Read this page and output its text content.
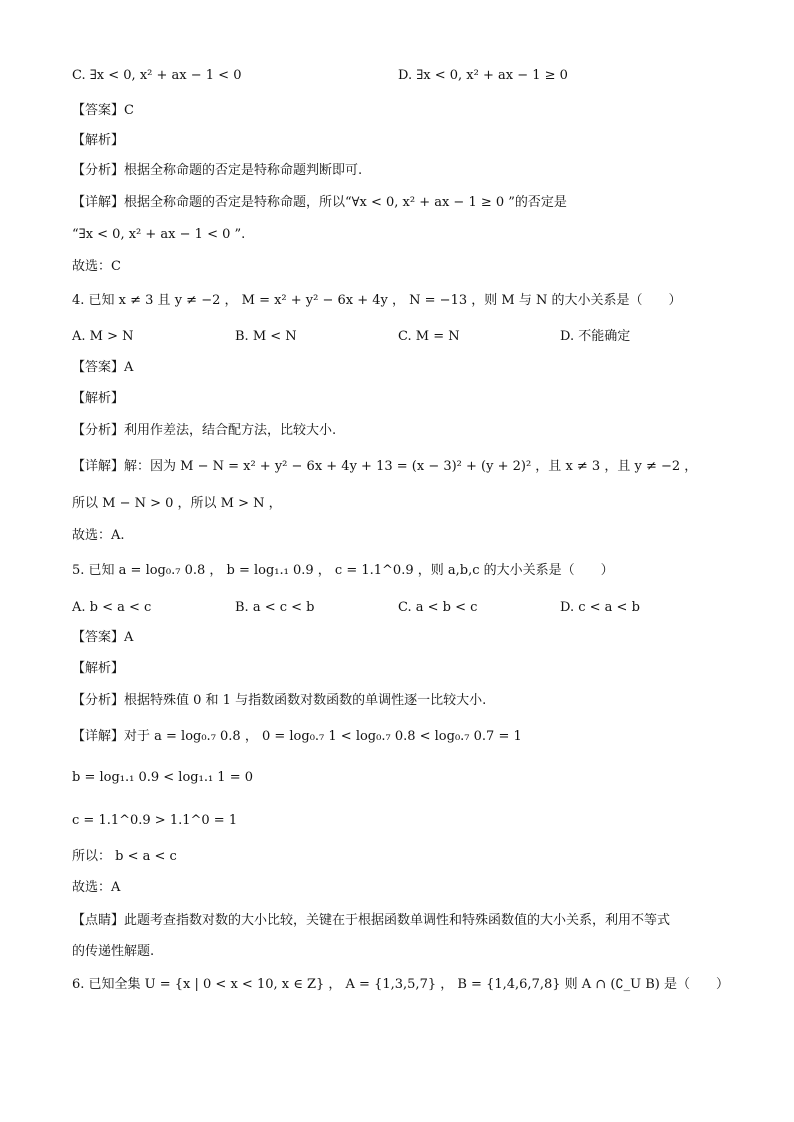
C. ∃x < 0, x² + ax − 1 < 0	D. ∃x < 0, x² + ax − 1 ≥ 0
【答案】C
【解析】
【分析】根据全称命题的否定是特称命题判断即可.
【详解】根据全称命题的否定是特称命题，所以“∀x < 0, x² + ax − 1 ≥ 0 ”的否定是
“∃x < 0, x² + ax − 1 < 0 ”.
故选：C
4. 已知 x ≠ 3 且 y ≠ −2 ， M = x² + y² − 6x + 4y ， N = −13 ，则 M 与 N 的大小关系是（　　）
A. M > N	B. M < N	C. M = N	D. 不能确定
【答案】A
【解析】
【分析】利用作差法，结合配方法，比较大小.
【详解】解：因为 M − N = x² + y² − 6x + 4y + 13 = (x − 3)² + (y + 2)² ，且 x ≠ 3 ，且 y ≠ −2 ，
所以 M − N > 0 ，所以 M > N ，
故选：A.
5. 已知 a = log₀.₇ 0.8 ， b = log₁.₁ 0.9 ， c = 1.1^0.9 ，则 a,b,c 的大小关系是（　　）
A. b < a < c	B. a < c < b	C. a < b < c	D. c < a < b
【答案】A
【解析】
【分析】根据特殊值 0 和 1 与指数函数对数函数的单调性逐一比较大小.
【详解】对于 a = log₀.₇ 0.8 ， 0 = log₀.₇ 1 < log₀.₇ 0.8 < log₀.₇ 0.7 = 1
b = log₁.₁ 0.9 < log₁.₁ 1 = 0
c = 1.1^0.9 > 1.1^0 = 1
所以： b < a < c
故选：A
【点睛】此题考查指数对数的大小比较，关键在于根据函数单调性和特殊函数值的大小关系，利用不等式
的传递性解题.
6. 已知全集 U = {x | 0 < x < 10, x ∈ Z} ， A = {1,3,5,7} ， B = {1,4,6,7,8} 则 A ∩ (∁_U B) 是（　　）
